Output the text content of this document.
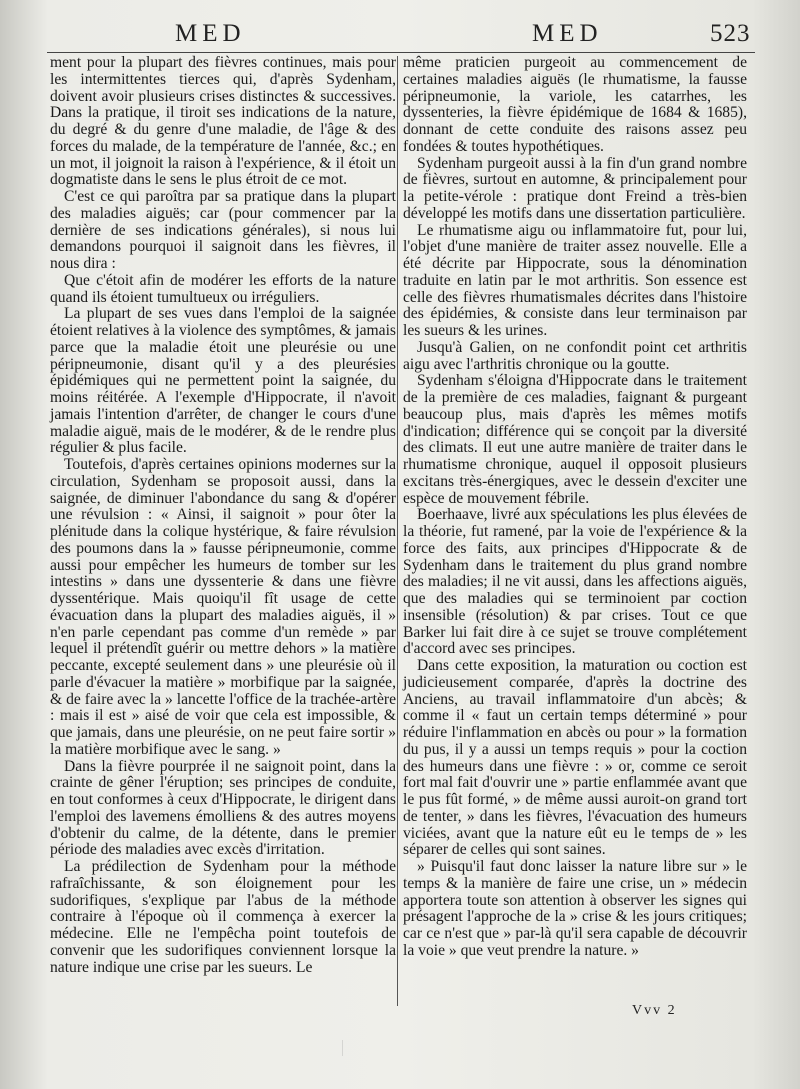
MED	MED	523

ment pour la plupart des fièvres continues, mais pour les intermittentes tierces qui, d'après Sydenham, doivent avoir plusieurs crises distinctes & successives. Dans la pratique, il tiroit ses indications de la nature, du degré & du genre d'une maladie, de l'âge & des forces du malade, de la température de l'année, &c.; en un mot, il joignoit la raison à l'expérience, & il étoit un dogmatiste dans le sens le plus étroit de ce mot.

C'est ce qui paroîtra par sa pratique dans la plupart des maladies aiguës; car (pour commencer par la dernière de ses indications générales), si nous lui demandons pourquoi il saignoit dans les fièvres, il nous dira :

Que c'étoit afin de modérer les efforts de la nature quand ils étoient tumultueux ou irréguliers.

La plupart de ses vues dans l'emploi de la saignée étoient relatives à la violence des symptômes, & jamais parce que la maladie étoit une pleurésie ou une péripneumonie, disant qu'il y a des pleurésies épidémiques qui ne permettent point la saignée, du moins réitérée. A l'exemple d'Hippocrate, il n'avoit jamais l'intention d'arrêter, de changer le cours d'une maladie aiguë, mais de le modérer, & de le rendre plus régulier & plus facile.

Toutefois, d'après certaines opinions modernes sur la circulation, Sydenham se proposoit aussi, dans la saignée, de diminuer l'abondance du sang & d'opérer une révulsion : « Ainsi, il saignoit » pour ôter la plénitude dans la colique hystérique, & faire révulsion des poumons dans la » fausse péripneumonie, comme aussi pour empêcher les humeurs de tomber sur les intestins » dans une dyssenterie & dans une fièvre dyssentérique. Mais quoiqu'il fît usage de cette évacuation dans la plupart des maladies aiguës, il » n'en parle cependant pas comme d'un remède » par lequel il prétendît guérir ou mettre dehors » la matière peccante, excepté seulement dans » une pleurésie où il parle d'évacuer la matière » morbifique par la saignée, & de faire avec la » lancette l'office de la trachée-artère : mais il est » aisé de voir que cela est impossible, & que jamais, dans une pleurésie, on ne peut faire sortir » la matière morbifique avec le sang. »

Dans la fièvre pourprée il ne saignoit point, dans la crainte de gêner l'éruption; ses principes de conduite, en tout conformes à ceux d'Hippocrate, le dirigent dans l'emploi des lavemens émolliens & des autres moyens d'obtenir du calme, de la détente, dans le premier période des maladies avec excès d'irritation.

La prédilection de Sydenham pour la méthode rafraîchissante, & son éloignement pour les sudorifiques, s'explique par l'abus de la méthode contraire à l'époque où il commença à exercer la médecine. Elle ne l'empêcha point toutefois de convenir que les sudorifiques conviennent lorsque la nature indique une crise par les sueurs. Le

même praticien purgeoit au commencement de certaines maladies aiguës (le rhumatisme, la fausse péripneumonie, la variole, les catarrhes, les dyssenteries, la fièvre épidémique de 1684 & 1685), donnant de cette conduite des raisons assez peu fondées & toutes hypothétiques.

Sydenham purgeoit aussi à la fin d'un grand nombre de fièvres, surtout en automne, & principalement pour la petite-vérole : pratique dont Freind a très-bien développé les motifs dans une dissertation particulière.

Le rhumatisme aigu ou inflammatoire fut, pour lui, l'objet d'une manière de traiter assez nouvelle. Elle a été décrite par Hippocrate, sous la dénomination traduite en latin par le mot arthritis. Son essence est celle des fièvres rhumatismales décrites dans l'histoire des épidémies, & consiste dans leur terminaison par les sueurs & les urines.

Jusqu'à Galien, on ne confondit point cet arthritis aigu avec l'arthritis chronique ou la goutte.

Sydenham s'éloigna d'Hippocrate dans le traitement de la première de ces maladies, faignant & purgeant beaucoup plus, mais d'après les mêmes motifs d'indication; différence qui se conçoit par la diversité des climats. Il eut une autre manière de traiter dans le rhumatisme chronique, auquel il opposoit plusieurs excitans très-énergiques, avec le dessein d'exciter une espèce de mouvement fébrile.

Boerhaave, livré aux spéculations les plus élevées de la théorie, fut ramené, par la voie de l'expérience & la force des faits, aux principes d'Hippocrate & de Sydenham dans le traitement du plus grand nombre des maladies; il ne vit aussi, dans les affections aiguës, que des maladies qui se terminoient par coction insensible (résolution) & par crises. Tout ce que Barker lui fait dire à ce sujet se trouve complétement d'accord avec ses principes.

Dans cette exposition, la maturation ou coction est judicieusement comparée, d'après la doctrine des Anciens, au travail inflammatoire d'un abcès; & comme il « faut un certain temps déterminé » pour réduire l'inflammation en abcès ou pour » la formation du pus, il y a aussi un temps requis » pour la coction des humeurs dans une fièvre : » or, comme ce seroit fort mal fait d'ouvrir une » partie enflammée avant que le pus fût formé, » de même aussi auroit-on grand tort de tenter, » dans les fièvres, l'évacuation des humeurs viciées, avant que la nature eût eu le temps de » les séparer de celles qui sont saines.

» Puisqu'il faut donc laisser la nature libre sur » le temps & la manière de faire une crise, un » médecin apportera toute son attention à observer les signes qui présagent l'approche de la » crise & les jours critiques; car ce n'est que » par-là qu'il sera capable de découvrir la voie » que veut prendre la nature. »

Vvv 2
